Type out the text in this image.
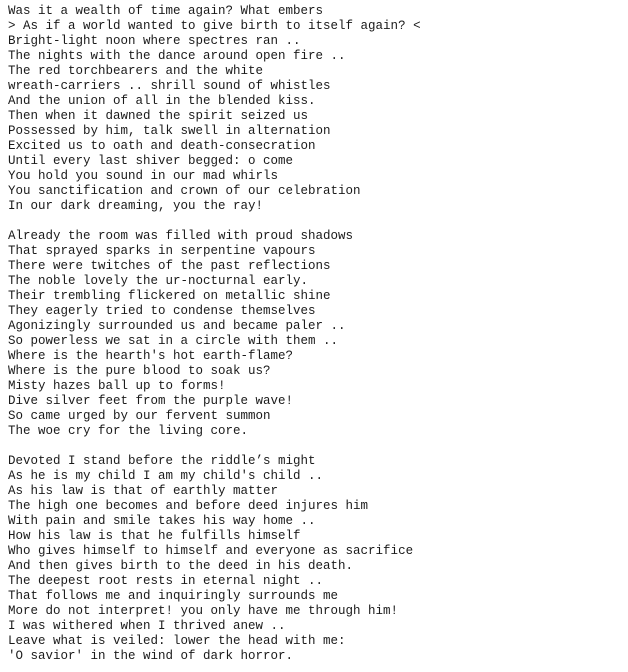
Was it a wealth of time again? What embers
> As if a world wanted to give birth to itself again? <
Bright-light noon where spectres ran ..
The nights with the dance around open fire ..
The red torchbearers and the white
wreath-carriers .. shrill sound of whistles
And the union of all in the blended kiss.
Then when it dawned the spirit seized us
Possessed by him, talk swell in alternation
Excited us to oath and death-consecration
Until every last shiver begged: o come
You hold you sound in our mad whirls
You sanctification and crown of our celebration
In our dark dreaming, you the ray!
Already the room was filled with proud shadows
That sprayed sparks in serpentine vapours
There were twitches of the past reflections
The noble lovely the ur-nocturnal early.
Their trembling flickered on metallic shine
They eagerly tried to condense themselves
Agonizingly surrounded us and became paler ..
So powerless we sat in a circle with them ..
Where is the hearth's hot earth-flame?
Where is the pure blood to soak us?
Misty hazes ball up to forms!
Dive silver feet from the purple wave!
So came urged by our fervent summon
The woe cry for the living core.
Devoted I stand before the riddle’s might
As he is my child I am my child's child ..
As his law is that of earthly matter
The high one becomes and before deed injures him
With pain and smile takes his way home ..
How his law is that he fulfills himself
Who gives himself to himself and everyone as sacrifice
And then gives birth to the deed in his death.
The deepest root rests in eternal night ..
That follows me and inquiringly surrounds me
More do not interpret! you only have me through him!
I was withered when I thrived anew ..
Leave what is veiled: lower the head with me:
'O savior' in the wind of dark horror.
